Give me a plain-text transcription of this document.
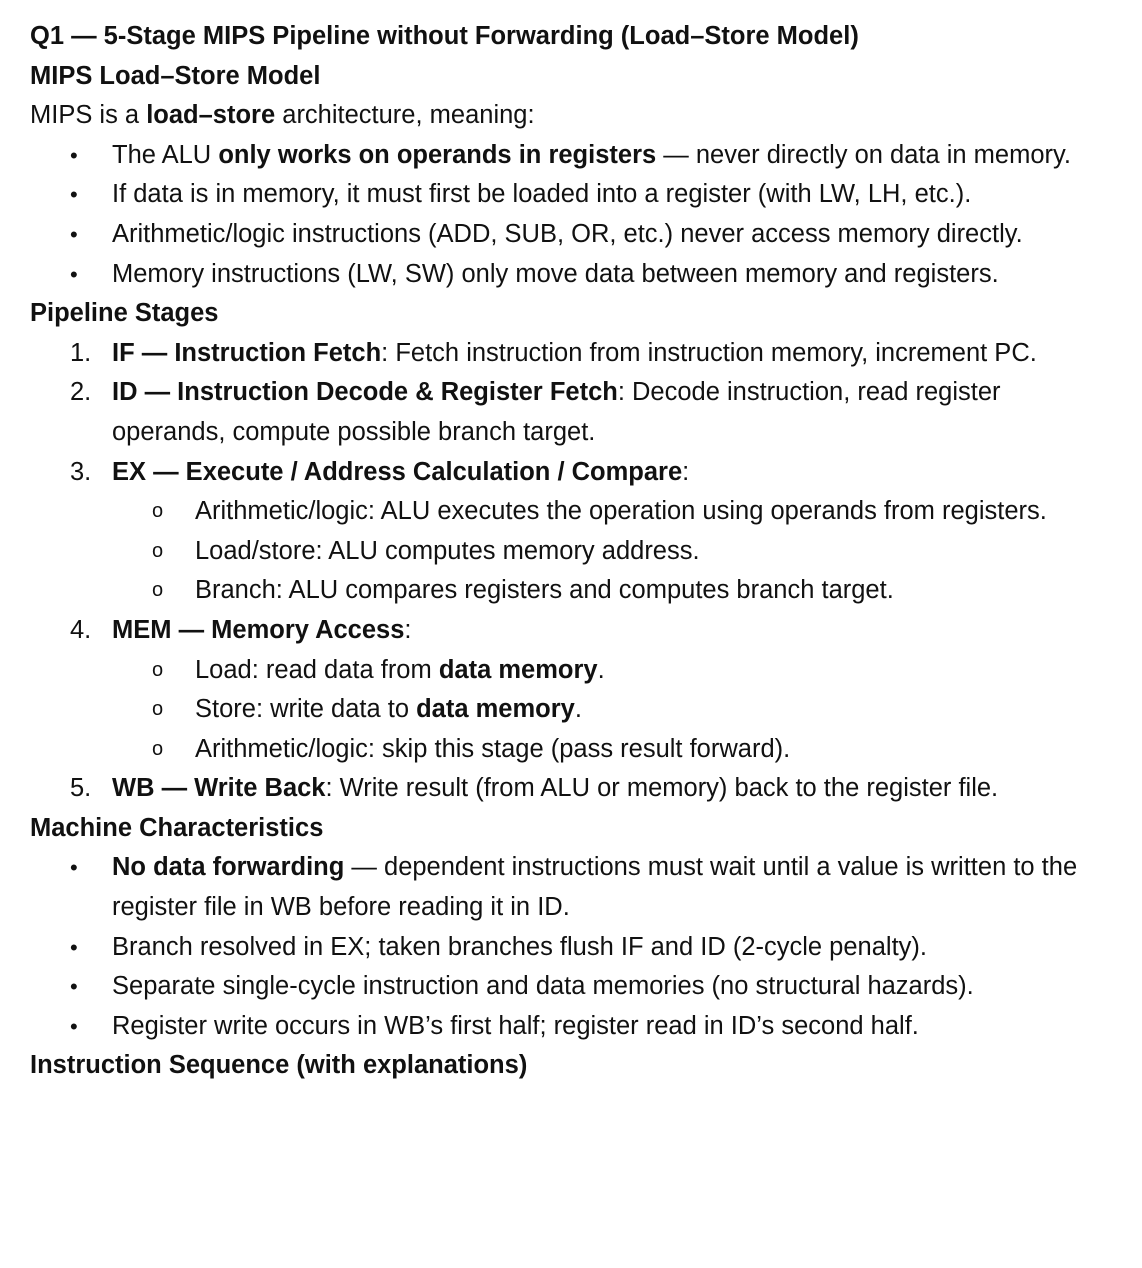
Q1 — 5-Stage MIPS Pipeline without Forwarding (Load–Store Model)
MIPS Load–Store Model
MIPS is a load–store architecture, meaning:
• The ALU only works on operands in registers — never directly on data in memory.
• If data is in memory, it must first be loaded into a register (with LW, LH, etc.).
• Arithmetic/logic instructions (ADD, SUB, OR, etc.) never access memory directly.
• Memory instructions (LW, SW) only move data between memory and registers.
Pipeline Stages
1. IF — Instruction Fetch: Fetch instruction from instruction memory, increment PC.
2. ID — Instruction Decode & Register Fetch: Decode instruction, read register operands, compute possible branch target.
3. EX — Execute / Address Calculation / Compare:
o Arithmetic/logic: ALU executes the operation using operands from registers.
o Load/store: ALU computes memory address.
o Branch: ALU compares registers and computes branch target.
4. MEM — Memory Access:
o Load: read data from data memory.
o Store: write data to data memory.
o Arithmetic/logic: skip this stage (pass result forward).
5. WB — Write Back: Write result (from ALU or memory) back to the register file.
Machine Characteristics
• No data forwarding — dependent instructions must wait until a value is written to the register file in WB before reading it in ID.
• Branch resolved in EX; taken branches flush IF and ID (2-cycle penalty).
• Separate single-cycle instruction and data memories (no structural hazards).
• Register write occurs in WB’s first half; register read in ID’s second half.
Instruction Sequence (with explanations)
